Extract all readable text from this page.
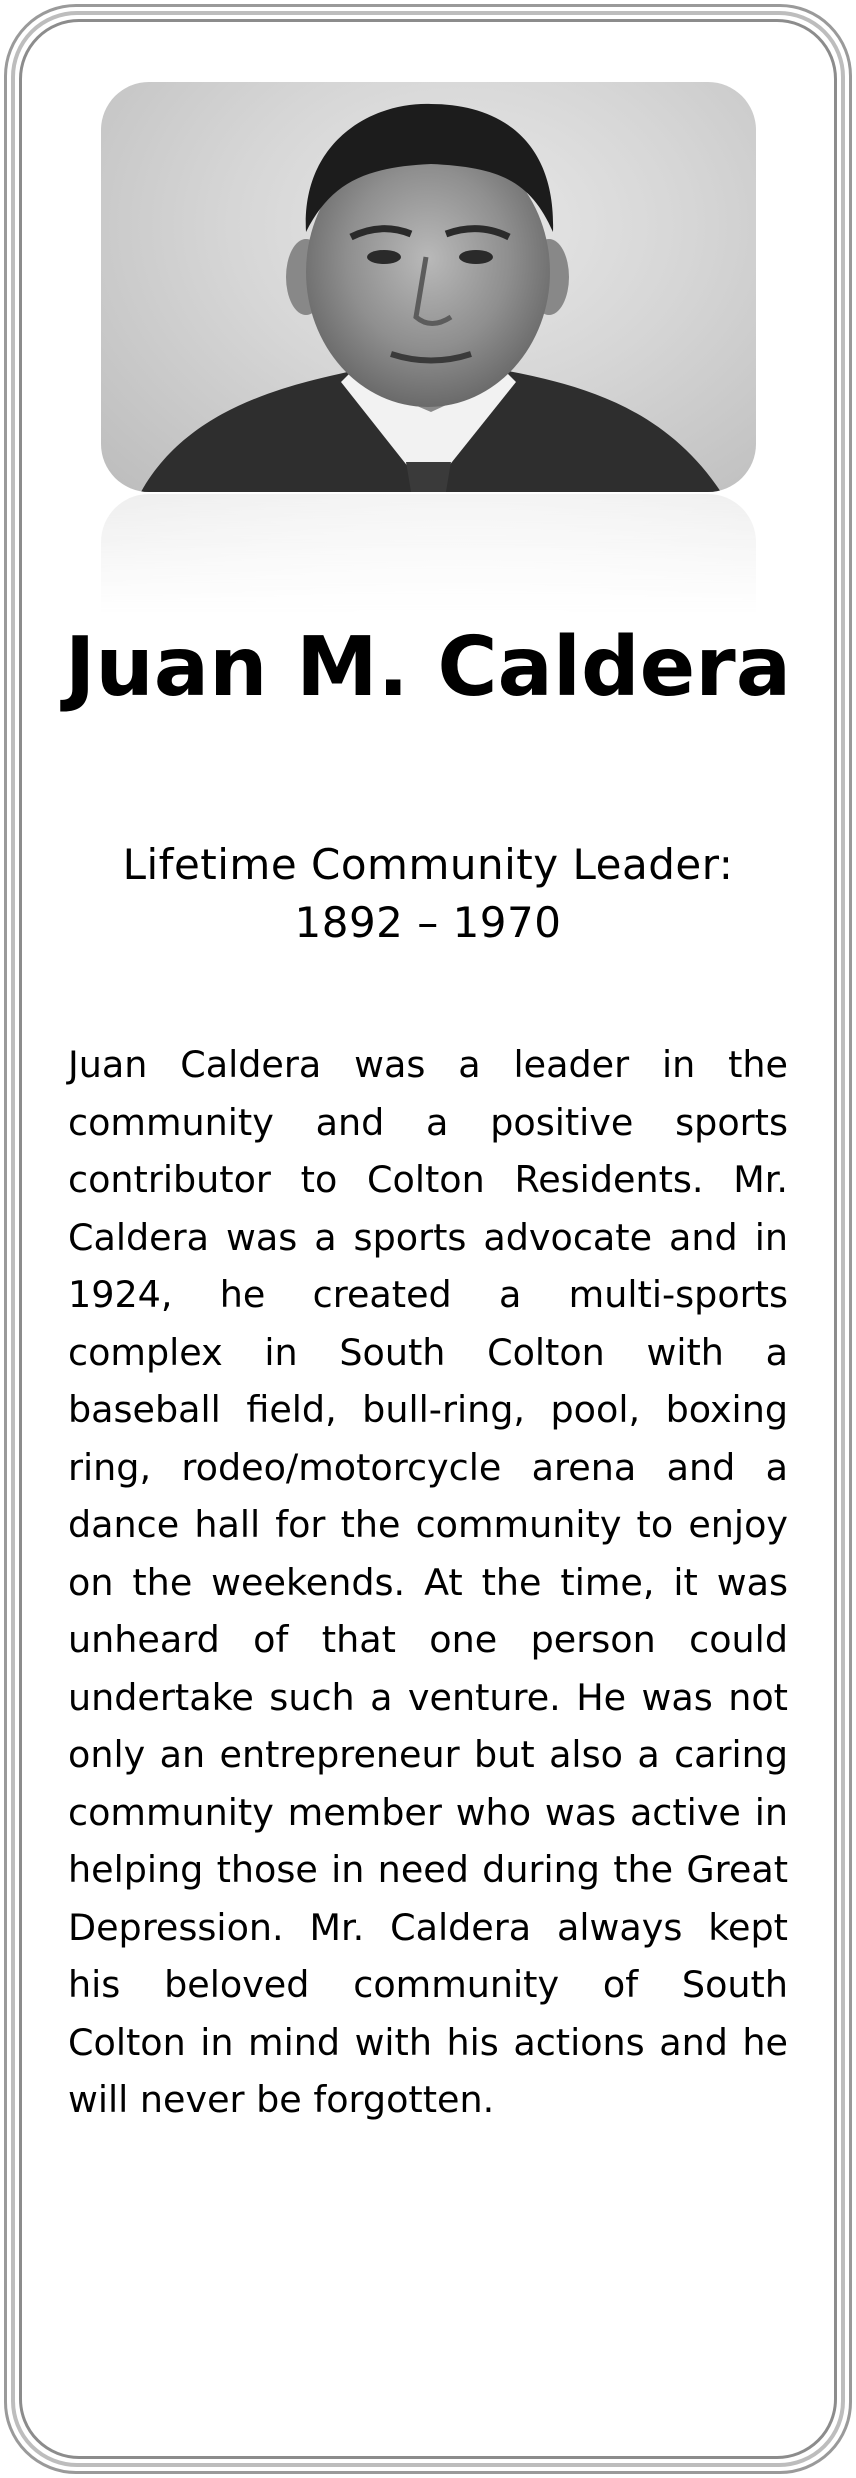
Juan M. Caldera
Lifetime Community Leader:
1892 – 1970

Juan Caldera was a leader in the community and a positive sports contributor to Colton Residents. Mr. Caldera was a sports advocate and in 1924, he created a multi-sports complex in South Colton with a baseball field, bull-ring, pool, boxing ring, rodeo/motorcycle arena and a dance hall for the community to enjoy on the weekends. At the time, it was unheard of that one person could undertake such a venture. He was not only an entrepreneur but also a caring community member who was active in helping those in need during the Great Depression. Mr. Caldera always kept his beloved community of South Colton in mind with his actions and he will never be forgotten.
